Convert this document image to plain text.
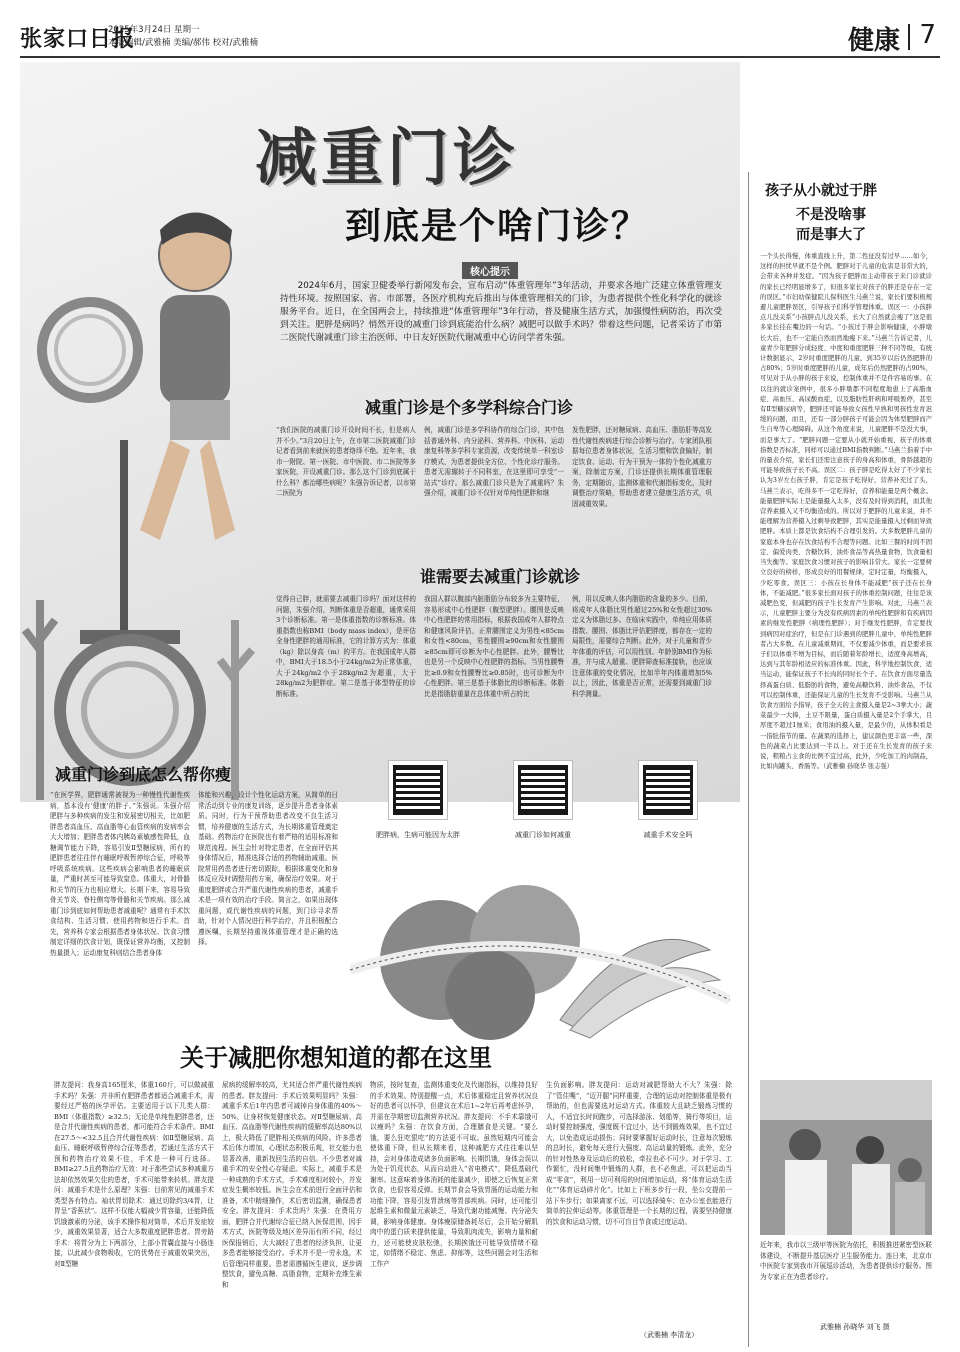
张家口日报
2025年3月24日 星期一
本版编辑/武雅楠 美编/郝伟 校对/武雅楠	健康 7
减重门诊
到底是个啥门诊？
核心提示
2024年6月，国家卫健委举行新闻发布会，宣布启动“体重管理年”3年活动，并要求各地广泛建立体重管理支持性环境。按照国家、省、市部署，各医疗机构充后推出与体重管理相关的门诊，为患者提供个性化科学化的就诊服务平台。近日，在全国两会上，持续推进“体重管理年”3年行动，普及健康生活方式，加强慢性病防治，再次受到关注。肥胖是病吗？悄然开设的减重门诊到底能治什么病？减肥可以做手术吗？带着这些问题，记者采访了市第二医院代谢减重门诊主治医师、中日友好医院代谢减重中心访问学者朱强。
减重门诊是个多学科综合门诊
“我们医院的减重门诊开设时间不长，但是病人并不少。”3月20日上午，在市第二医院减重门诊记者看到前来就医的患者络绎不绝。近年来，我市一附院、第一医院、市中医院、市二医院等多家医院，开设减重门诊。那么这个门诊到底属于什么科？都治哪些病呢？朱强告诉记者，以市第二医院为
例，减重门诊是多学科协作的综合门诊，其中包括普通外科、内分泌科、营养科、中医科、运动康复科等多学科专家资源，改变传统单一科室诊疗模式，为患者提供全方位、个性化诊疗服务。患者无需辗转于不同科室，在这里即可享受“一站式”诊疗。那么减重门诊只是为了减重吗？朱强介绍，减重门诊不仅针对单纯性肥胖和继
发性肥胖，还对糖尿病、高血压、脂肪肝等高发性代谢性疾病进行综合诊断与治疗。专家团队根据每位患者身体状况，生活习惯和饮食偏好，制定饮食、运动、行为干预为一体的个性化减重方案，除制定方案，门诊还提供长期体重管理服务，定期随访，监测体重和代谢指标变化，及时调整治疗策略，帮助患者建立健康生活方式，巩固减重效果。
谁需要去减重门诊就诊
觉得自己胖，就需要去减重门诊吗？面对这样的问题，朱强介绍，判断体重是否超重，通常采用3个诊断标准。第一是体重指数的诊断标准。体重指数也称BMI（body mass index），是评估全身性肥胖的通用标准，它的计算方式为：体重（kg）除以身高（m）的平方。在我国成年人群中，BMI大于18.5小于24kg/m2为正常体重，大于24kg/m2小于28kg/m2为超重，大于28kg/m2为肥胖症。第二是基于体型特征的诊断标准。
我国人群以腹部内脏脂肪分布较多为主要特征，容易形成中心性肥胖（腹型肥胖）。腰围是反映中心性肥胖的常用指标，根据我国成年人群特点和健康风险评估，正常腰围定义为男性<85cm和女性<80cm，男性腰围≥90cm和女性腰围≥85cm即可诊断为中心性肥胖。此外，腰臀比也是另一个反映中心性肥胖的指标。当男性腰臀比≥0.9和女性腰臀比≥0.85时，也可诊断为中心性肥胖。第三是基于体脂比的诊断标准。体脂比是指脂肪重量在总体重中所占的比
例，用以反映人体内脂肪的含量的多少。目前，将成年人体脂比男性超过25%和女性超过30%定义为体脂过多。在临床实践中，单纯应用体质指数、腰围、体脂比评估肥胖度，都存在一定的局限性，需要综合判断。此外，对于儿童和青少年体重的评估，可以用性别、年龄别BMI作为标准，并与成人超重、肥胖筛查标准接轨，也应该注意体重的变化情况，比如半年内体重增加5%以上，因此，体重是否正常，还需要到减重门诊科学测量。
减重门诊到底怎么帮你瘦
“在医学界，肥胖通常被视为一种慢性代谢性疾病，基本没有‘健康’的胖子。”朱强说。朱强介绍肥胖与多种疾病的发生和发展密切相关，比如肥胖患者高血压、高血脂等心血管疾病的发病率会大大增加；肥胖患者体内胰岛素敏感性降低，血糖调节能力下降，容易引发Ⅱ型糖尿病，所有的肥胖患者往往伴有睡眠呼吸暂停综合征，呼吸等呼吸系统疾病。这些疾病会影响患者的睡眠质量，严重时甚至可能导致窒息。体重大，对骨骼和关节的压力也相应增大。长期下来，容易导致骨关节炎、脊柱侧弯等骨骼和关节疾病。那么减重门诊到底如何帮助患者减重呢？通常有手术饮食结构、生活习惯、使用药物和进行手术。首先，营养科专家会根据患者身体状况、饮食习惯制定详细的饮食计划，既保证营养均衡，又控制热量摄入；运动康复科则结合患者身体
体能和兴趣，设计个性化运动方案，从简单的日常活动到专业的康复训练，逐步提升患者身体素质。同时，行为干预帮助患者改变不良生活习惯，培养健康的生活方式，为长期体重管理奠定基础。药物治疗在医院也有着严格的适用标准和规范流程。医生会针对特定患者，在全面评估其身体情况后，精准选择合适的药物辅助减重。医院常用药患者进行密切跟踪，根据体重变化和身体反应及时调整用药方案，确保治疗效果。对于重度肥胖或合并严重代谢性疾病的患者，减重手术是一项有效的治疗手段。简言之，如果出现体重问题，或代谢性疾病的问题，到门诊寻求帮助，针对个人情况进行科学治疗，并且积极配合遵医嘱，长期坚持重视体重管理才是正确的选择。
肥胖病，生病可能因为太胖	减重门诊如何减重	减重手术安全吗
关于减肥你想知道的都在这里
胖友提问：我身高165厘米，体重160斤，可以做减重手术吗？朱强：并非所有肥胖患者都适合减重手术，需要经过严格的医学评估。主要适用于以下几类人群：BMI（体重指数）≥32.5；无论是单纯性肥胖患者，还是合并代谢性疾病的患者，都可能符合手术条件。BMI在27.5～<32.5且合并代谢性疾病：如Ⅱ型糖尿病、高血压、睡眠呼吸暂停综合征等患者，若通过生活方式干预和药物治疗效果不佳，手术是一种可行选择。BMI≥27.5且药物治疗无效：对于那些尝试多种减重方法却依然效果欠佳的患者，手术可能带来转机。胖友提问：减重手术是什么原理？朱强：目前常见的减重手术类型各有特点。袖状胃切除术：通过切除约3/4胃，让胃呈“香蕉状”。这样不仅能大幅减少胃容量，还能降低饥饿激素的分泌，该手术操作相对简单，术后并发症较少，减重效果显著，适合大多数重度肥胖患者。胃旁路手术：将胃分为上下两部分，上部小胃囊直接与小肠连接，以此减少食物吸收，它的优势在于减重效果突出，对Ⅱ型糖
尿病的缓解率较高，尤其适合伴严重代谢性疾病的患者。胖友提问：手术后效果明显吗？朱强：减重手术后1年内患者可减掉自身体重的40%～50%，让身材恢复健康状态。对Ⅱ型糖尿病、高血压、高血脂等代谢性疾病的缓解率高达80%以上，极大降低了肥胖相关疾病的风险。许多患者术后体力增加，心理状态积极乐观，社交能力也显著改善，重新找回生活的自信。不少患者对减重手术的安全性心存疑虑。实际上，减重手术是一种成熟的手术方式，手术难度相对较小，并发症发生概率较低。医生会在术前进行全面评估和准备，术中精细操作，术后密切监测，确保患者安全。胖友提问：手术贵吗？朱强：在费用方面，肥胖合并代谢综合征已纳入医保范围，因手术方式，医院等级及地区差异而有所不同，经过医保报销后，大大减轻了患者的经济负担，让更多患者能够接受治疗。手术并不是一劳永逸，术后管理同样重要。患者需遵循医生建议，逐步调整饮食，避免高糖、高脂食物，定期补充维生素和
物质，按时复查，监测体重变化及代谢指标，以维持良好的手术效果。特别提醒一点，术后体重稳定且营养状况良好的患者可以怀孕，但建议在术后1~2年后再考虑怀孕，并需在孕期密切监测营养状况。胖友提问：不手术靠饿可以瘦吗？朱强：在饮食方面，合理膳食是关键。“要么饿，要么狂吃狠吃”的方法更不可取。虽然短期内可能会使体重下降，但从长期来看，这种减肥方式往往难以坚持，会对身体造成诸多负面影响。长期饥饿，身体会误以为处于饥荒状态，从而自动进入“省电模式”，降低基础代谢率。这意味着身体消耗的能量减少，即使之后恢复正常饮食，也很容易反弹。长期节食会导致胃肠的运动能力和功能下降，容易引发胃溃疡等胃部疾病。同时，还可能引起维生素和微量元素缺乏，导致代谢功能减慢、内分泌失调，影响身体健康。身体瘦原储备耗尽后，会开始分解肌肉中的蛋白质来提供能量，导致肌肉流失，影响力量和耐力，还可能使皮肤松弛，长期挨饿还可能导致情绪不稳定，如情绪不稳定、焦虑、抑郁等，这些问题会对生活和工作产
生负面影响。胖友提问：运动对减肥帮助大不大？朱强：除了“管住嘴”，“迈开腿”同样重要，合理的运动对控制体重是极有帮助的，但也需要选对运动方式。体重较大且缺乏锻炼习惯的人，不适宜长时间跑步，可选择游泳、划船等，骑行等项目，运动时要控制强度，强度既不宜过小，达不到锻炼效果，也不宜过大，以免造成运动损伤；同时要掌握好运动时长，注意每次锻炼的总时长，避免每天进行大强度、高运动量的锻炼。此外，充分的针对性热身及运动后的放松，牵拉也必不可少。对于学习、工作繁忙，没时间集中锻炼的人群，也不必焦虑，可以把运动当成“零食”，利用一切可利用的时间增加运动，将“体育运动生活化”“体育运动碎片化”。比如上下班多步行一段，坐公交提前一站下车步行；如果离家不远，可以选择骑车；在办公室也能进行简单的拉伸运动等。体重管理是一个长期的过程，需要坚持健康的饮食和运动习惯，切不可盲目节食或过度运动。
（武雅楠 李清龙）
孩子从小就过于胖
不是没啥事
而是事大了
一个头长得慢，体重直线上升，第二性征没有过早……如今，这样的担忧早就不是个例。肥胖对于儿童的危害是非常大的，会带来各种并发症。“因为孩子肥胖而主动带孩子来门诊就诊的家长已经明显增多了，但很多家长对孩子的胖还是存在一定的误区。”市妇幼保健院儿保科医生马燕兰说，家长们要积极规避儿童肥胖误区，引导孩子们科学管理体重。误区一：小孩胖点儿没关系“小孩胖点儿没关系，长大了自然就会瘦了”这是很多家长挂在嘴边的一句话。“小孩过于胖会影响健康，小胖墩长大后，也不一定能自然而然地瘦下来。”马燕兰告诉记者，儿童青少年肥胖分成轻度、中度和重度肥胖三种不同等级，有统计数据显示，2岁时重度肥胖的儿童，到35岁以后仍然肥胖的占80%；5岁时重度肥胖的儿童，成年后仍然肥胖的占90%，可见对于从小胖的孩子来说，控制体重并不是件容易的事。在以往的就诊案例中，很多小胖墩都不同程度地患上了高脂血症、高血压、高尿酸血症，以及脂肪性肝病和呼吸暂停，甚至有Ⅱ型糖尿病等，肥胖还可能导致女孩性早熟和男孩性发育迟缓的问题，而且，还有一部分胖孩子可能会因为体型肥胖而产生自卑等心理障碍。从这个角度来说，儿童肥胖不是没大事，而是事大了。“肥胖问题一定要从小就开始重视，孩子的体重指数是否标准，同样可以通过BMI指数判断。”马燕兰指着手中的量表介绍，家长们还需注意孩子的身高和体重，骨龄越超的可能导致孩子长不高。误区二：孩子胖是吃得太好了不少家长认为3岁左右孩子胖，肯定是孩子吃得好，营养补充过了头，马燕兰表示，吃得多不一定吃得好，营养和能量是两个概念。能量肥胖实际上是能量摄入太多，没有及时得到消耗，而其他营养素摄入又不均衡造成的。所以对于肥胖的儿童来说，并不能理解为营养摄入过剩导致肥胖，其实是能量摄入过剩而导致肥胖。本质上都是饮食结构不合理引发的。大多数肥胖儿童的家庭本身也存在饮食结构不合理等问题。比如三餐的时间不固定、偏爱肉类、含糖饮料、油炸食品等高热量食物，饮食量相当失衡等。家庭饮食习惯对孩子的影响非常大。家长一定要树立良好的榜样，形成良好的用餐规律，定时定量，均衡摄入，少吃零食。误区三：小孩在长身体不能减肥“孩子还在长身体，不能减肥。”很多家长面对孩子的体重控制问题，往往是该减肥色变，但减肥的孩子生长发育产生影响。对此，马燕兰表示，儿童肥胖主要分为没有疾病因素的单纯性肥胖和有疾病因素的继发性肥胖（病理性肥胖）；对于继发性肥胖，肯定要找到病因对症治疗，但是在门诊遇到的肥胖儿童中，单纯性肥胖者占大多数。在儿童减重期间，不仅要减少体重，而是要求孩子们以体重不增为目标，而后随着年龄增长，适度身高增高，达到与其年龄相适应的标准体重。因此，科学地控制饮食、适当运动，能保证孩子不长肉的同时长个子。在饮食方面尽量选择高蛋白质、低脂肪的食物，避免高糖饮料、油炸食品，不仅可以控制体重，还能保证儿童的生长发育不受影响。马燕兰从饮食方面给予指导，孩子全天的主食摄入量是2~3拳大小；蔬菜最少一大捧，土豆不限量，蛋白质摄入量是2个手掌大，且厚度不超过1厘米；食用油的摄入量，是最少的，从体积看是一指肚指节的量。在蔬果的选择上，建议颜色更丰富一些，深色的蔬菜占比要达到一半以上。对于还在生长发育的孩子来说，粗粮占主食的比例不宜过高，此外，少吃加工的肉制品，比如肉罐头、香肠等。（武雅楠 孙晓华 张志强）
近年来，我市以三级甲等医院为依托，积极推进紧密型医联体建设，不断提升基层医疗卫生服务能力。连日来，北京市中医院专家到我市开展巡诊活动，为患者提供诊疗服务。图为专家正在为患者诊疗。
武雅楠 孙晓华 刘飞 摄
